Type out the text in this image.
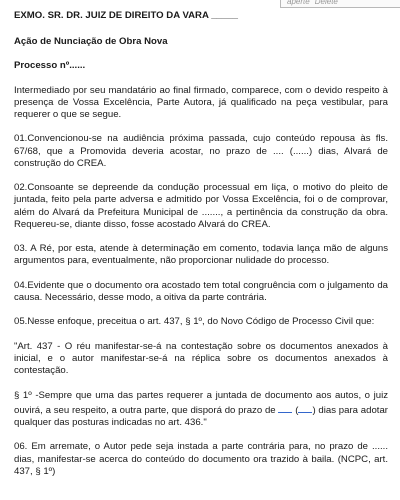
aperte "Delete"
EXMO. SR. DR. JUIZ DE DIREITO DA VARA _____
Ação de Nunciação de Obra Nova
Processo nº......

Intermediado por seu mandatário ao final firmado, comparece, com o devido respeito à presença de Vossa Excelência, Parte Autora, já qualificado na peça vestibular, para requerer o que se segue.

01.Convencionou-se na audiência próxima passada, cujo conteúdo repousa às fls. 67/68, que a Promovida deveria acostar, no prazo de .... (......) dias, Alvará de construção do CREA.

02.Consoante se depreende da condução processual em liça, o motivo do pleito de juntada, feito pela parte adversa e admitido por Vossa Excelência, foi o de comprovar, além do Alvará da Prefeitura Municipal de ......., a pertinência da construção da obra. Requereu-se, diante disso, fosse acostado Alvará do CREA.

03. A Ré, por esta, atende à determinação em comento, todavia lança mão de alguns argumentos para, eventualmente, não proporcionar nulidade do processo.

04.Evidente que o documento ora acostado tem total congruência com o julgamento da causa. Necessário, desse modo, a oitiva da parte contrária.

05.Nesse enfoque, preceitua o art. 437, § 1º, do Novo Código de Processo Civil que:

"Art. 437 - O réu manifestar-se-á na contestação sobre os documentos anexados à inicial, e o autor manifestar-se-á na réplica sobre os documentos anexados à contestação.

§ 1º -Sempre que uma das partes requerer a juntada de documento aos autos, o juiz ouvirá, a seu respeito, a outra parte, que disporá do prazo de ( ) dias para adotar qualquer das posturas indicadas no art. 436."

06. Em arremate, o Autor pede seja instada a parte contrária para, no prazo de ...... dias, manifestar-se acerca do conteúdo do documento ora trazido à baila. (NCPC, art. 437, § 1º)
